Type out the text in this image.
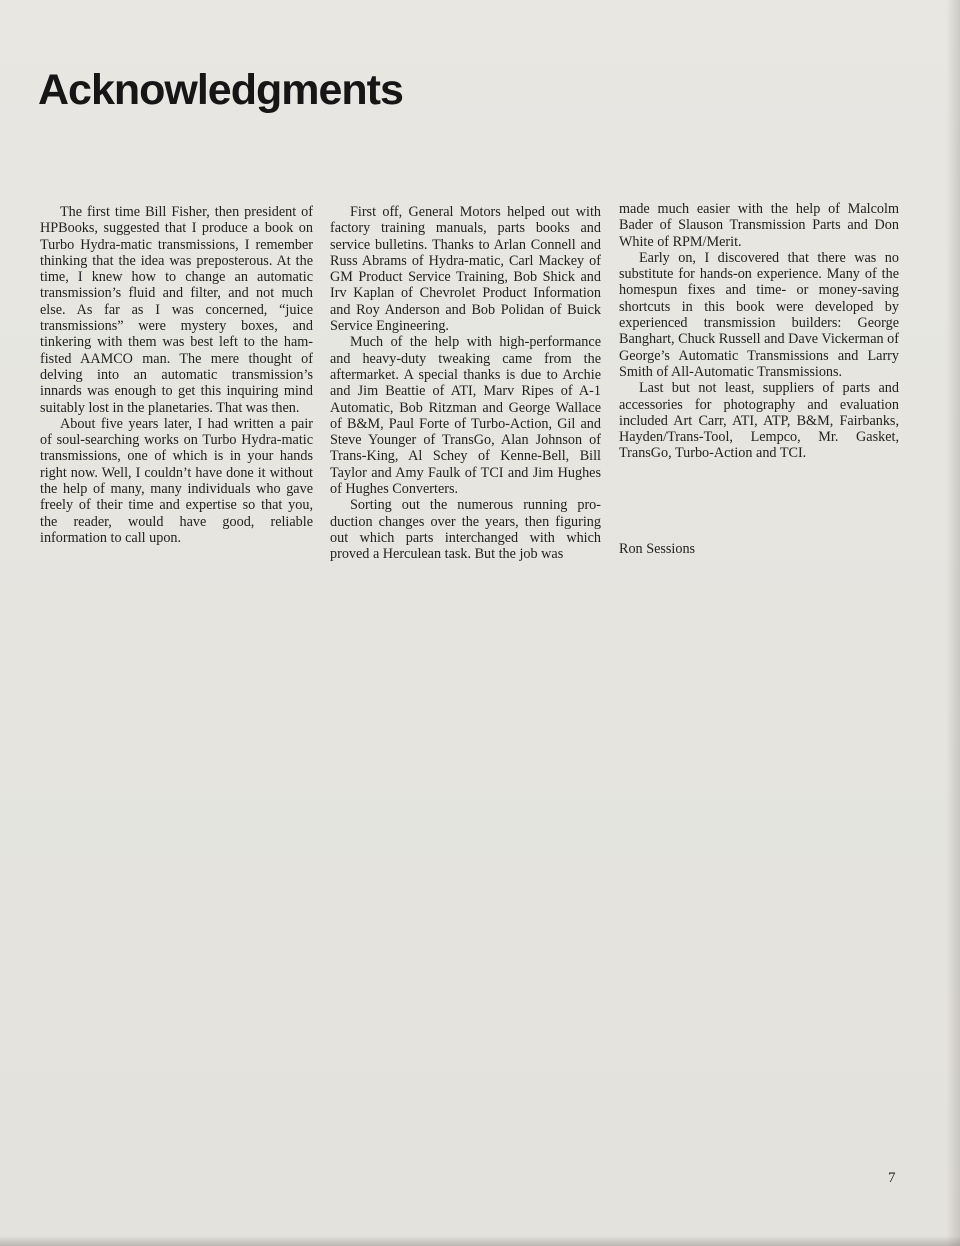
Acknowledgments

The first time Bill Fisher, then president of HPBooks, suggested that I produce a book on Turbo Hydra-matic transmissions, I remember thinking that the idea was preposterous. At the time, I knew how to change an automatic transmission’s fluid and filter, and not much else. As far as I was concerned, “juice transmissions” were mystery boxes, and tinkering with them was best left to the ham-fisted AAMCO man. The mere thought of delving into an automatic transmission’s innards was enough to get this inquiring mind suitably lost in the planetaries. That was then.

About five years later, I had written a pair of soul-searching works on Turbo Hydra-matic transmissions, one of which is in your hands right now. Well, I couldn’t have done it without the help of many, many individuals who gave freely of their time and expertise so that you, the reader, would have good, reliable information to call upon.

First off, General Motors helped out with factory training manuals, parts books and service bulletins. Thanks to Arlan Connell and Russ Abrams of Hydra-matic, Carl Mackey of GM Product Service Training, Bob Shick and Irv Kaplan of Chevrolet Product Information and Roy Anderson and Bob Polidan of Buick Service Engineering.

Much of the help with high-performance and heavy-duty tweaking came from the aftermarket. A special thanks is due to Archie and Jim Beattie of ATI, Marv Ripes of A-1 Automatic, Bob Ritzman and George Wallace of B&M, Paul Forte of Turbo-Action, Gil and Steve Younger of TransGo, Alan Johnson of Trans-King, Al Schey of Kenne-Bell, Bill Taylor and Amy Faulk of TCI and Jim Hughes of Hughes Converters.

Sorting out the numerous running production changes over the years, then figuring out which parts interchanged with which proved a Herculean task. But the job was

made much easier with the help of Malcolm Bader of Slauson Transmission Parts and Don White of RPM/Merit.

Early on, I discovered that there was no substitute for hands-on experience. Many of the homespun fixes and time- or money-saving shortcuts in this book were developed by experienced transmission builders: George Banghart, Chuck Russell and Dave Vickerman of George’s Automatic Transmissions and Larry Smith of All-Automatic Transmissions.

Last but not least, suppliers of parts and accessories for photography and evaluation included Art Carr, ATI, ATP, B&M, Fairbanks, Hayden/Trans-Tool, Lempco, Mr. Gasket, TransGo, Turbo-Action and TCI.

Ron Sessions
7
